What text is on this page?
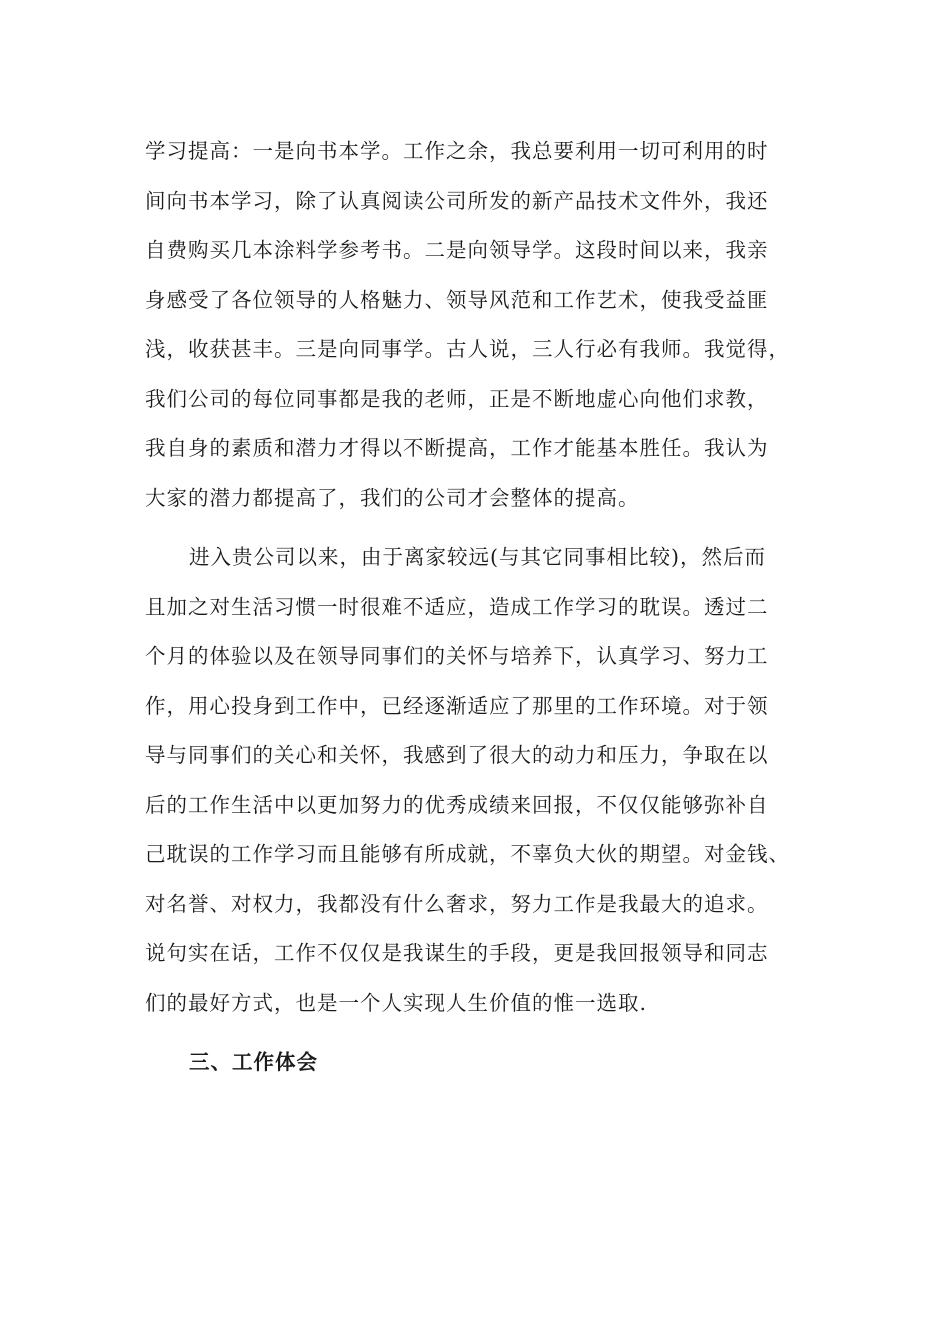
学习提高：一是向书本学。工作之余，我总要利用一切可利用的时
间向书本学习，除了认真阅读公司所发的新产品技术文件外，我还
自费购买几本涂料学参考书。二是向领导学。这段时间以来，我亲
身感受了各位领导的人格魅力、领导风范和工作艺术，使我受益匪
浅，收获甚丰。三是向同事学。古人说，三人行必有我师。我觉得，
我们公司的每位同事都是我的老师，正是不断地虚心向他们求教，
我自身的素质和潜力才得以不断提高，工作才能基本胜任。我认为
大家的潜力都提高了，我们的公司才会整体的提高。
进入贵公司以来，由于离家较远(与其它同事相比较)，然后而
且加之对生活习惯一时很难不适应，造成工作学习的耽误。透过二
个月的体验以及在领导同事们的关怀与培养下，认真学习、努力工
作，用心投身到工作中，已经逐渐适应了那里的工作环境。对于领
导与同事们的关心和关怀，我感到了很大的动力和压力，争取在以
后的工作生活中以更加努力的优秀成绩来回报，不仅仅能够弥补自
己耽误的工作学习而且能够有所成就，不辜负大伙的期望。对金钱、
对名誉、对权力，我都没有什么奢求，努力工作是我最大的追求。
说句实在话，工作不仅仅是我谋生的手段，更是我回报领导和同志
们的最好方式，也是一个人实现人生价值的惟一选取.
三、工作体会
